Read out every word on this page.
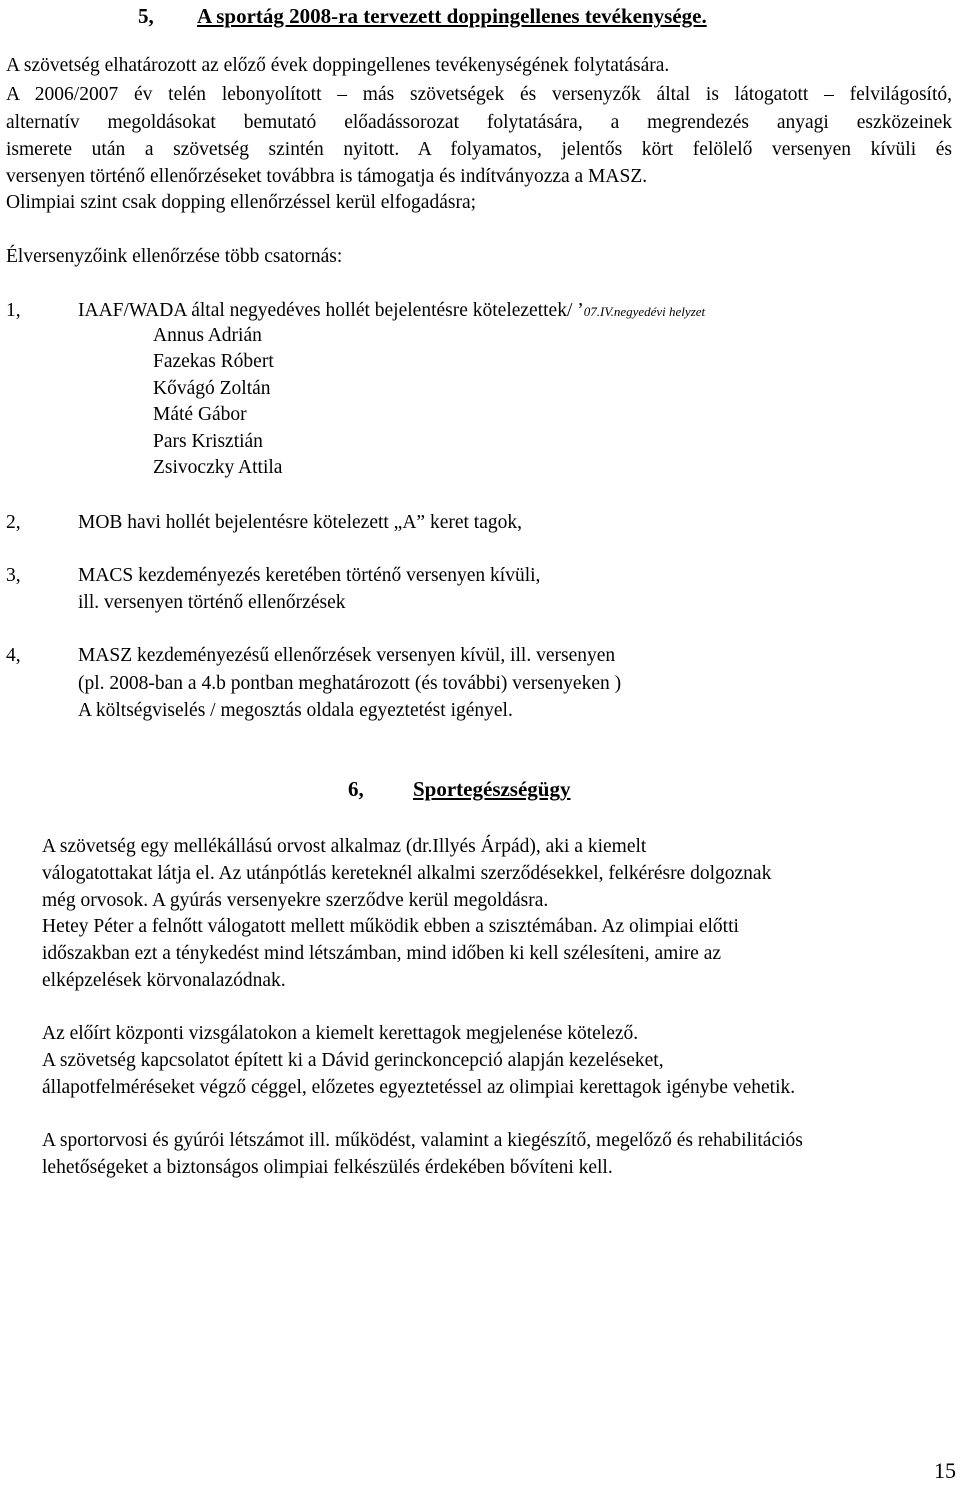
5, A sportág 2008-ra tervezett doppingellenes tevékenysége.
A szövetség elhatározott az előző évek doppingellenes tevékenységének folytatására.
A 2006/2007 év telén lebonyolított – más szövetségek és versenyzők által is látogatott – felvilágosító,
alternatív megoldásokat bemutató előadássorozat folytatására, a megrendezés anyagi eszközeinek
ismerete után a szövetség szintén nyitott. A folyamatos, jelentős kört felölelő versenyen kívüli és
versenyen történő ellenőrzéseket továbbra is támogatja és indítványozza a MASZ.
Olimpiai szint csak dopping ellenőrzéssel kerül elfogadásra;
Élversenyzőink ellenőrzése több csatornás:
1,	IAAF/WADA által negyedéves hollét bejelentésre kötelezettek/ ’07.IV.negyedévi helyzet
Annus Adrián
Fazekas Róbert
Kővágó Zoltán
Máté Gábor
Pars Krisztián
Zsivoczky Attila
2,	MOB havi hollét bejelentésre kötelezett „A” keret tagok,
3,	MACS kezdeményezés keretében történő versenyen kívüli,
ill. versenyen történő ellenőrzések
4,	MASZ kezdeményezésű ellenőrzések versenyen kívül, ill. versenyen
(pl. 2008-ban a 4.b pontban meghatározott (és további) versenyeken )
A költségviselés / megosztás oldala egyeztetést igényel.
6, Sportegészségügy
A szövetség egy mellékállású orvost alkalmaz (dr.Illyés Árpád), aki a kiemelt
válogatottakat látja el. Az utánpótlás kereteknél alkalmi szerződésekkel, felkérésre dolgoznak
még orvosok. A gyúrás versenyekre szerződve kerül megoldásra.
Hetey Péter a felnőtt válogatott mellett működik ebben a szisztémában. Az olimpiai előtti
időszakban ezt a ténykedést mind létszámban, mind időben ki kell szélesíteni, amire az
elképzelések körvonalazódnak.
Az előírt központi vizsgálatokon a kiemelt kerettagok megjelenése kötelező.
A szövetség kapcsolatot épített ki a Dávid gerinckoncepció alapján kezeléseket,
állapotfelméréseket végző céggel, előzetes egyeztetéssel az olimpiai kerettagok igénybe vehetik.
A sportorvosi és gyúrói létszámot ill. működést, valamint a kiegészítő, megelőző és rehabilitációs
lehetőségeket a biztonságos olimpiai felkészülés érdekében bővíteni kell.
15
